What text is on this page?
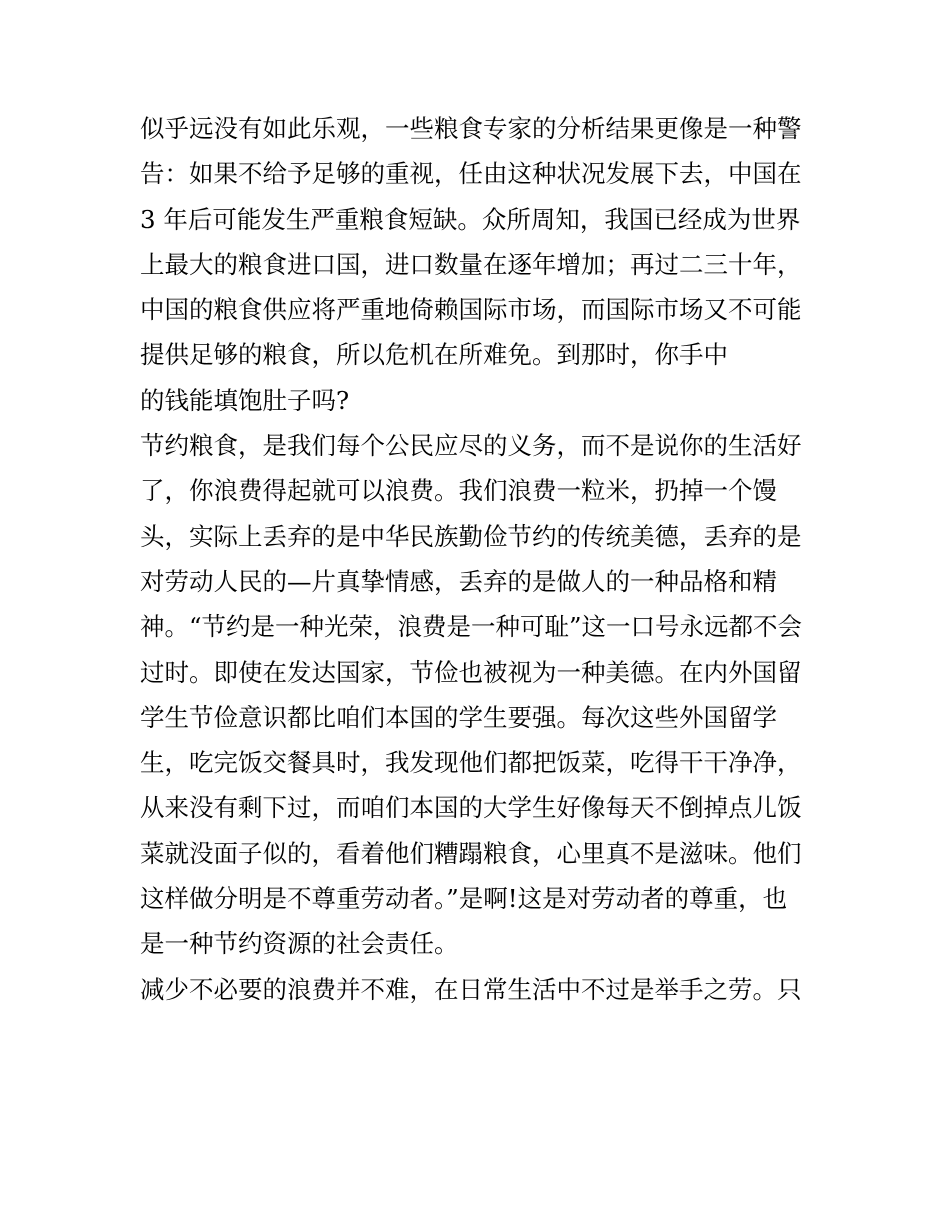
似乎远没有如此乐观，一些粮食专家的分析结果更像是一种警
告：如果不给予足够的重视，任由这种状况发展下去，中国在
3 年后可能发生严重粮食短缺。众所周知，我国已经成为世界
上最大的粮食进口国，进口数量在逐年增加；再过二三十年，
中国的粮食供应将严重地倚赖国际市场，而国际市场又不可能
提供足够的粮食，所以危机在所难免。到那时，你手中
的钱能填饱肚子吗?
节约粮食，是我们每个公民应尽的义务，而不是说你的生活好
了，你浪费得起就可以浪费。我们浪费一粒米，扔掉一个馒
头，实际上丢弃的是中华民族勤俭节约的传统美德，丢弃的是
对劳动人民的—片真挚情感，丢弃的是做人的一种品格和精
神。“节约是一种光荣，浪费是一种可耻”这一口号永远都不会
过时。即使在发达国家，节俭也被视为一种美德。在内外国留
学生节俭意识都比咱们本国的学生要强。每次这些外国留学
生，吃完饭交餐具时，我发现他们都把饭菜，吃得干干净净，
从来没有剩下过，而咱们本国的大学生好像每天不倒掉点儿饭
菜就没面子似的，看着他们糟蹋粮食，心里真不是滋味。他们
这样做分明是不尊重劳动者。”是啊!这是对劳动者的尊重，也
是一种节约资源的社会责任。
减少不必要的浪费并不难，在日常生活中不过是举手之劳。只
